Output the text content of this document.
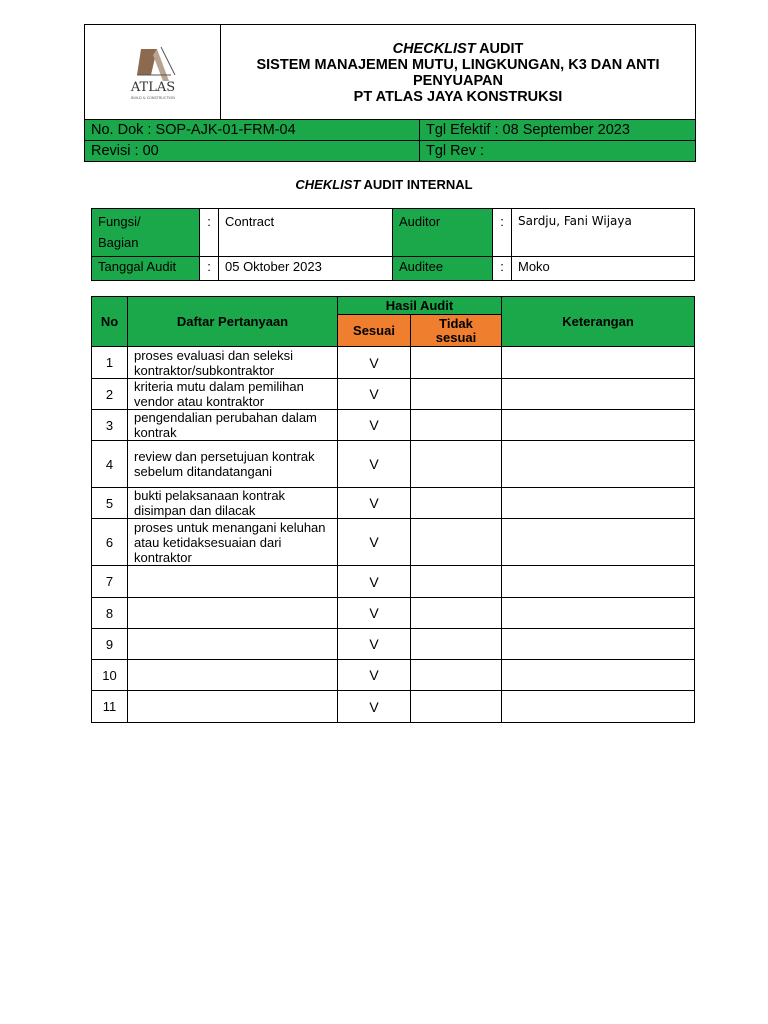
ATLAS
BUILD & CONSTRUCTION
CHECKLIST AUDIT
SISTEM MANAJEMEN MUTU, LINGKUNGAN, K3 DAN ANTI
PENYUAPAN
PT ATLAS JAYA KONSTRUKSI
No. Dok : SOP-AJK-01-FRM-04	Tgl Efektif : 08 September 2023
Revisi : 00	Tgl Rev :
CHEKLIST AUDIT INTERNAL
Fungsi/
Bagian	:	Contract	Auditor	:	Sardju, Fani Wijaya
Tanggal Audit	:	05 Oktober 2023	Auditee	:	Moko
No	Daftar Pertanyaan	Hasil Audit		Keterangan
		Sesuai	Tidak
sesuai	
1	proses evaluasi dan seleksi kontraktor/subkontraktor	V		
2	kriteria mutu dalam pemilihan vendor atau kontraktor	V		
3	pengendalian perubahan dalam kontrak	V		
4	review dan persetujuan kontrak sebelum ditandatangani	V		
5	bukti pelaksanaan kontrak disimpan dan dilacak	V		
6	proses untuk menangani keluhan atau ketidaksesuaian dari kontraktor	V		
7		V		
8		V		
9		V		
10		V		
11		V		
